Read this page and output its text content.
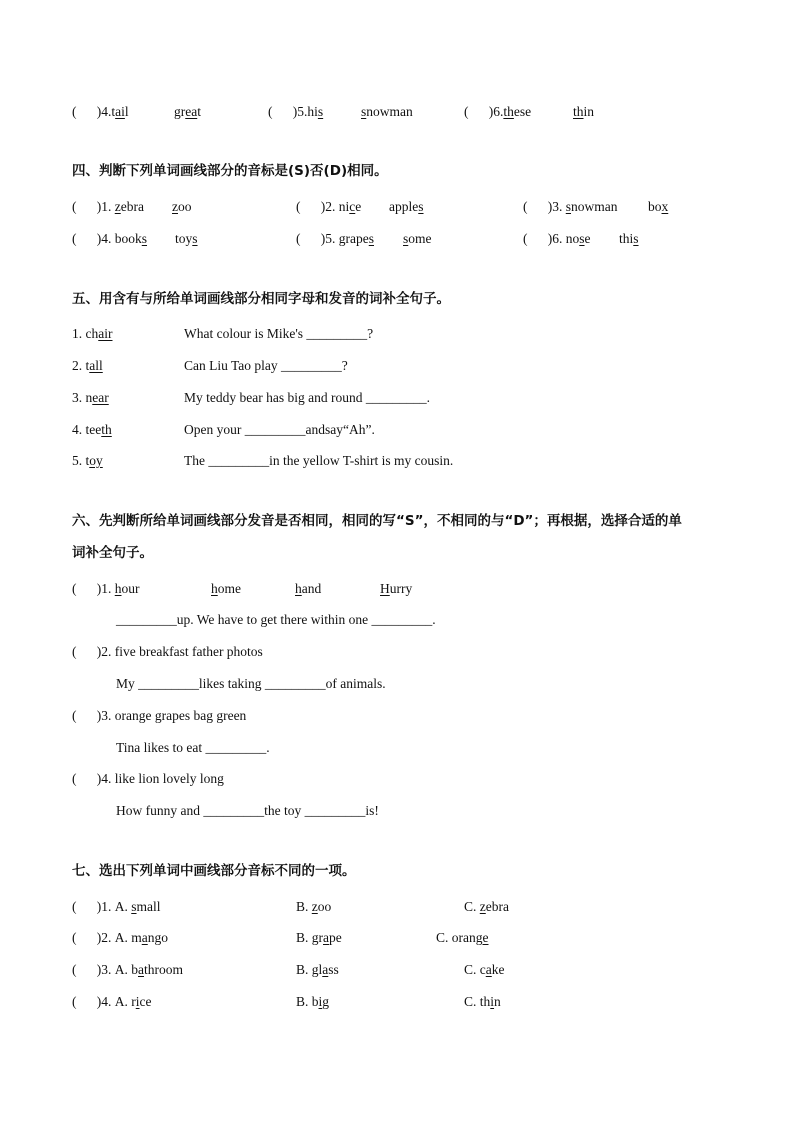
(      )4.tail	great	(      )5.his	snowman	(      )6.these	thin
四、判断下列单词画线部分的音标是(S)否(D)相同。
(      )1. zebra zoo	(      )2. nice apples	(      )3. snowman box
(      )4. books toys	(      )5. grapes some	(      )6. nose this
五、用含有与所给单词画线部分相同字母和发音的词补全句子。
1. chair	What colour is Mike's _________?
2. tall	Can Liu Tao play _________?
3. near	My teddy bear has big and round _________.
4. teeth	Open your _________andsay“Ah”.
5. toy	The _________in the yellow T-shirt is my cousin.
六、先判断所给单词画线部分发音是否相同，相同的写“S”，不相同的与“D”；再根据，选择合适的单
词补全句子。
(      )1. hour	home	hand	Hurry
_________up. We have to get there within one _________.
(      )2. five breakfast father photos
My _________likes taking _________of animals.
(      )3. orange grapes bag green
Tina likes to eat _________.
(      )4. like lion lovely long
How funny and _________the toy _________is!
七、选出下列单词中画线部分音标不同的一项。
(      )1. A. small	B. zoo	C. zebra
(      )2. A. mango	B. grape	C. orange
(      )3. A. bathroom	B. glass	C. cake
(      )4. A. rice	B. big	C. thin
